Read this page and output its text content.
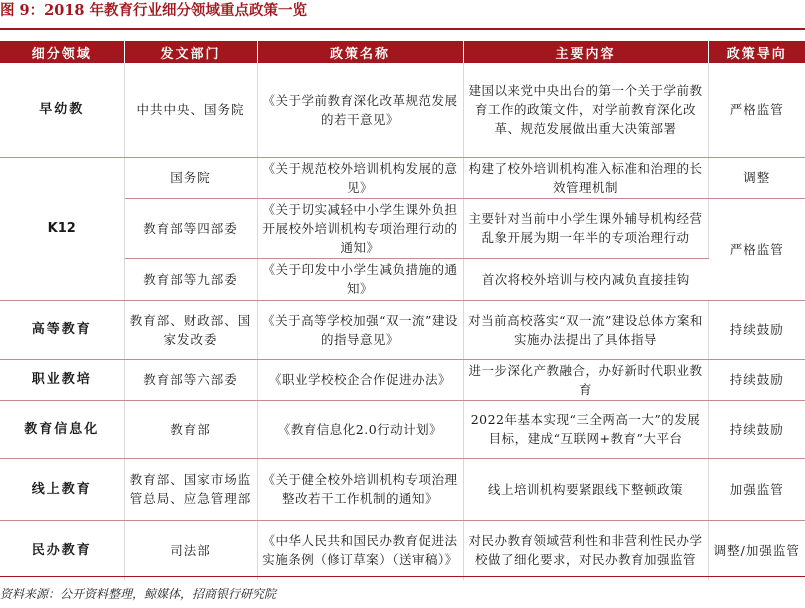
图 9：2018 年教育行业细分领域重点政策一览
细分领域	发文部门	政策名称	主要内容	政策导向
早幼教	中共中央、国务院	《关于学前教育深化改革规范发展的若干意见》	建国以来党中央出台的第一个关于学前教育工作的政策文件，对学前教育深化改革、规范发展做出重大决策部署	严格监管
K12	国务院	《关于规范校外培训机构发展的意见》	构建了校外培训机构准入标准和治理的长效管理机制	调整
	教育部等四部委	《关于切实减轻中小学生课外负担开展校外培训机构专项治理行动的通知》	主要针对当前中小学生课外辅导机构经营乱象开展为期一年半的专项治理行动	严格监管
	教育部等九部委	《关于印发中小学生减负措施的通知》	首次将校外培训与校内减负直接挂钩	
高等教育	教育部、财政部、国家发改委	《关于高等学校加强“双一流”建设的指导意见》	对当前高校落实“双一流”建设总体方案和实施办法提出了具体指导	持续鼓励
职业教培	教育部等六部委	《职业学校校企合作促进办法》	进一步深化产教融合，办好新时代职业教育	持续鼓励
教育信息化	教育部	《教育信息化2.0行动计划》	2022年基本实现“三全两高一大”的发展目标，建成“互联网+教育”大平台	持续鼓励
线上教育	教育部、国家市场监管总局、应急管理部	《关于健全校外培训机构专项治理整改若干工作机制的通知》	线上培训机构要紧跟线下整顿政策	加强监管
民办教育	司法部	《中华人民共和国民办教育促进法实施条例（修订草案）（送审稿）》	对民办教育领域营利性和非营利性民办学校做了细化要求，对民办教育加强监管	调整/加强监管
资料来源：公开资料整理，鲸媒体，招商银行研究院
